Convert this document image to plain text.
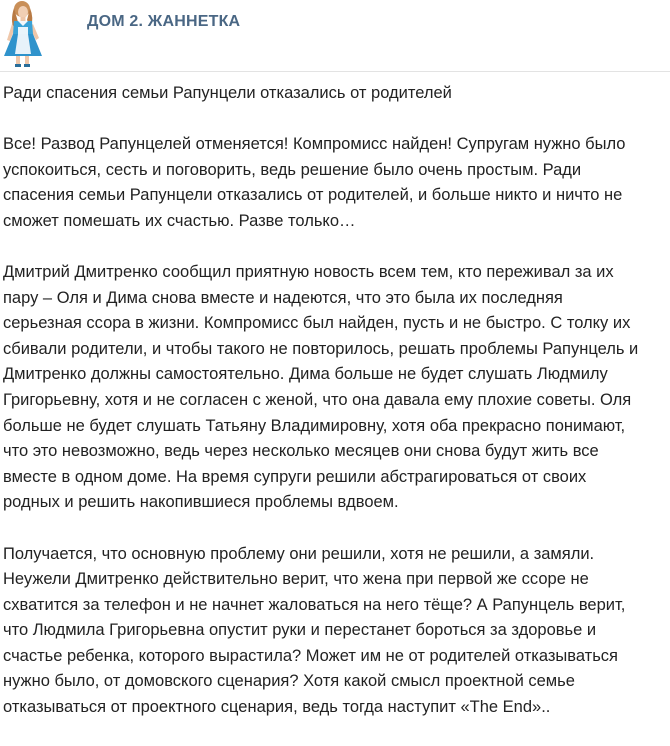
ДОМ 2. ЖАННЕТКА
Ради спасения семьи Рапунцели отказались от родителей

Все! Развод Рапунцелей отменяется! Компромисс найден! Супругам нужно было
успокоиться, сесть и поговорить, ведь решение было очень простым. Ради
спасения семьи Рапунцели отказались от родителей, и больше никто и ничто не
сможет помешать их счастью. Разве только…

Дмитрий Дмитренко сообщил приятную новость всем тем, кто переживал за их
пару – Оля и Дима снова вместе и надеются, что это была их последняя
серьезная ссора в жизни. Компромисс был найден, пусть и не быстро. С толку их
сбивали родители, и чтобы такого не повторилось, решать проблемы Рапунцель и
Дмитренко должны самостоятельно. Дима больше не будет слушать Людмилу
Григорьевну, хотя и не согласен с женой, что она давала ему плохие советы. Оля
больше не будет слушать Татьяну Владимировну, хотя оба прекрасно понимают,
что это невозможно, ведь через несколько месяцев они снова будут жить все
вместе в одном доме. На время супруги решили абстрагироваться от своих
родных и решить накопившиеся проблемы вдвоем.

Получается, что основную проблему они решили, хотя не решили, а замяли.
Неужели Дмитренко действительно верит, что жена при первой же ссоре не
схватится за телефон и не начнет жаловаться на него тёще? А Рапунцель верит,
что Людмила Григорьевна опустит руки и перестанет бороться за здоровье и
счастье ребенка, которого вырастила? Может им не от родителей отказываться
нужно было, от домовского сценария? Хотя какой смысл проектной семье
отказываться от проектного сценария, ведь тогда наступит «The End»..
